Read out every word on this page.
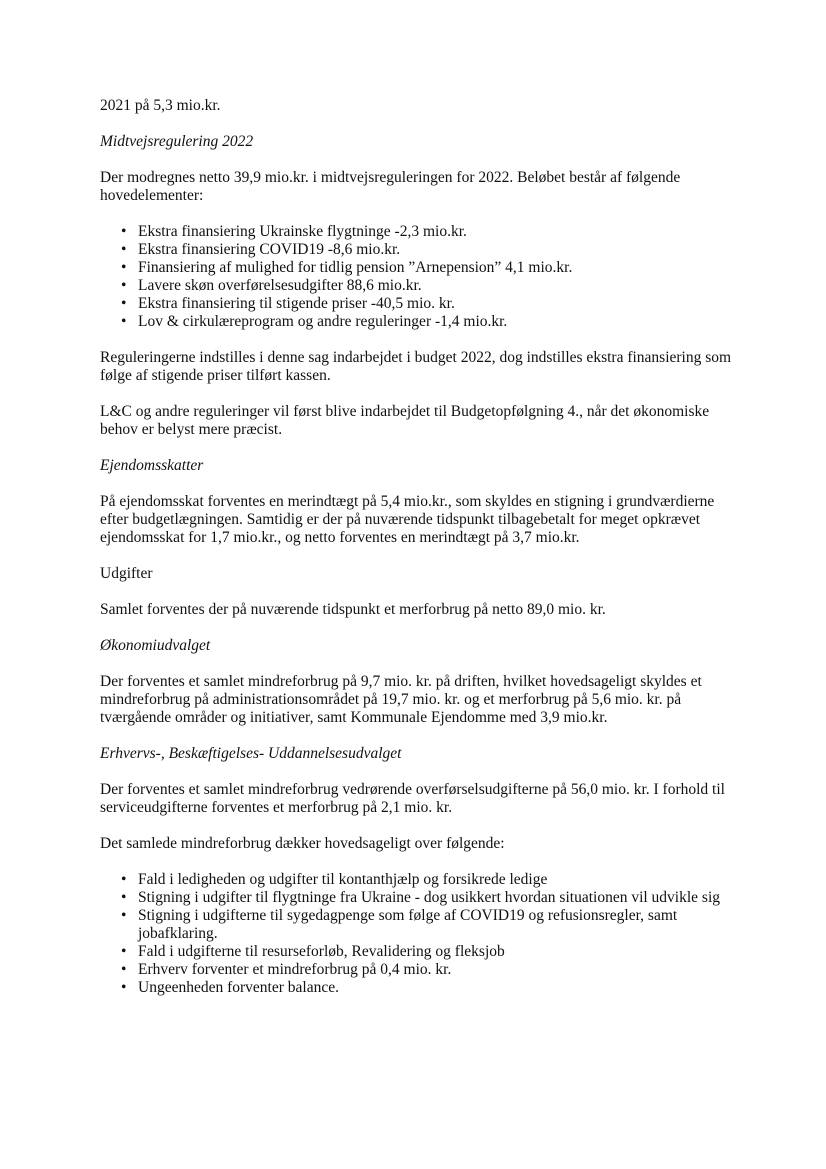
2021 på 5,3 mio.kr.

Midtvejsregulering 2022

Der modregnes netto 39,9 mio.kr. i midtvejsreguleringen for 2022. Beløbet består af følgende hovedelementer:

• Ekstra finansiering Ukrainske flygtninge -2,3 mio.kr.
• Ekstra finansiering COVID19 -8,6 mio.kr.
• Finansiering af mulighed for tidlig pension ”Arnepension” 4,1 mio.kr.
• Lavere skøn overførelsesudgifter 88,6 mio.kr.
• Ekstra finansiering til stigende priser -40,5 mio. kr.
• Lov & cirkulæreprogram og andre reguleringer -1,4 mio.kr.

Reguleringerne indstilles i denne sag indarbejdet i budget 2022, dog indstilles ekstra finansiering som følge af stigende priser tilført kassen.

L&C og andre reguleringer vil først blive indarbejdet til Budgetopfølgning 4., når det økonomiske behov er belyst mere præcist.

Ejendomsskatter

På ejendomsskat forventes en merindtægt på 5,4 mio.kr., som skyldes en stigning i grundværdierne efter budgetlægningen. Samtidig er der på nuværende tidspunkt tilbagebetalt for meget opkrævet ejendomsskat for 1,7 mio.kr., og netto forventes en merindtægt på 3,7 mio.kr.

Udgifter

Samlet forventes der på nuværende tidspunkt et merforbrug på netto 89,0 mio. kr.

Økonomiudvalget

Der forventes et samlet mindreforbrug på 9,7 mio. kr. på driften, hvilket hovedsageligt skyldes et mindreforbrug på administrationsområdet på 19,7 mio. kr. og et merforbrug på 5,6 mio. kr. på tværgående områder og initiativer, samt Kommunale Ejendomme med 3,9 mio.kr.

Erhvervs-, Beskæftigelses- Uddannelsesudvalget

Der forventes et samlet mindreforbrug vedrørende overførselsudgifterne på 56,0 mio. kr. I forhold til serviceudgifterne forventes et merforbrug på 2,1 mio. kr.

Det samlede mindreforbrug dækker hovedsageligt over følgende:

• Fald i ledigheden og udgifter til kontanthjælp og forsikrede ledige
• Stigning i udgifter til flygtninge fra Ukraine - dog usikkert hvordan situationen vil udvikle sig
• Stigning i udgifterne til sygedagpenge som følge af COVID19 og refusionsregler, samt jobafklaring.
• Fald i udgifterne til resurseforløb, Revalidering og fleksjob
• Erhverv forventer et mindreforbrug på 0,4 mio. kr.
• Ungeenheden forventer balance.
